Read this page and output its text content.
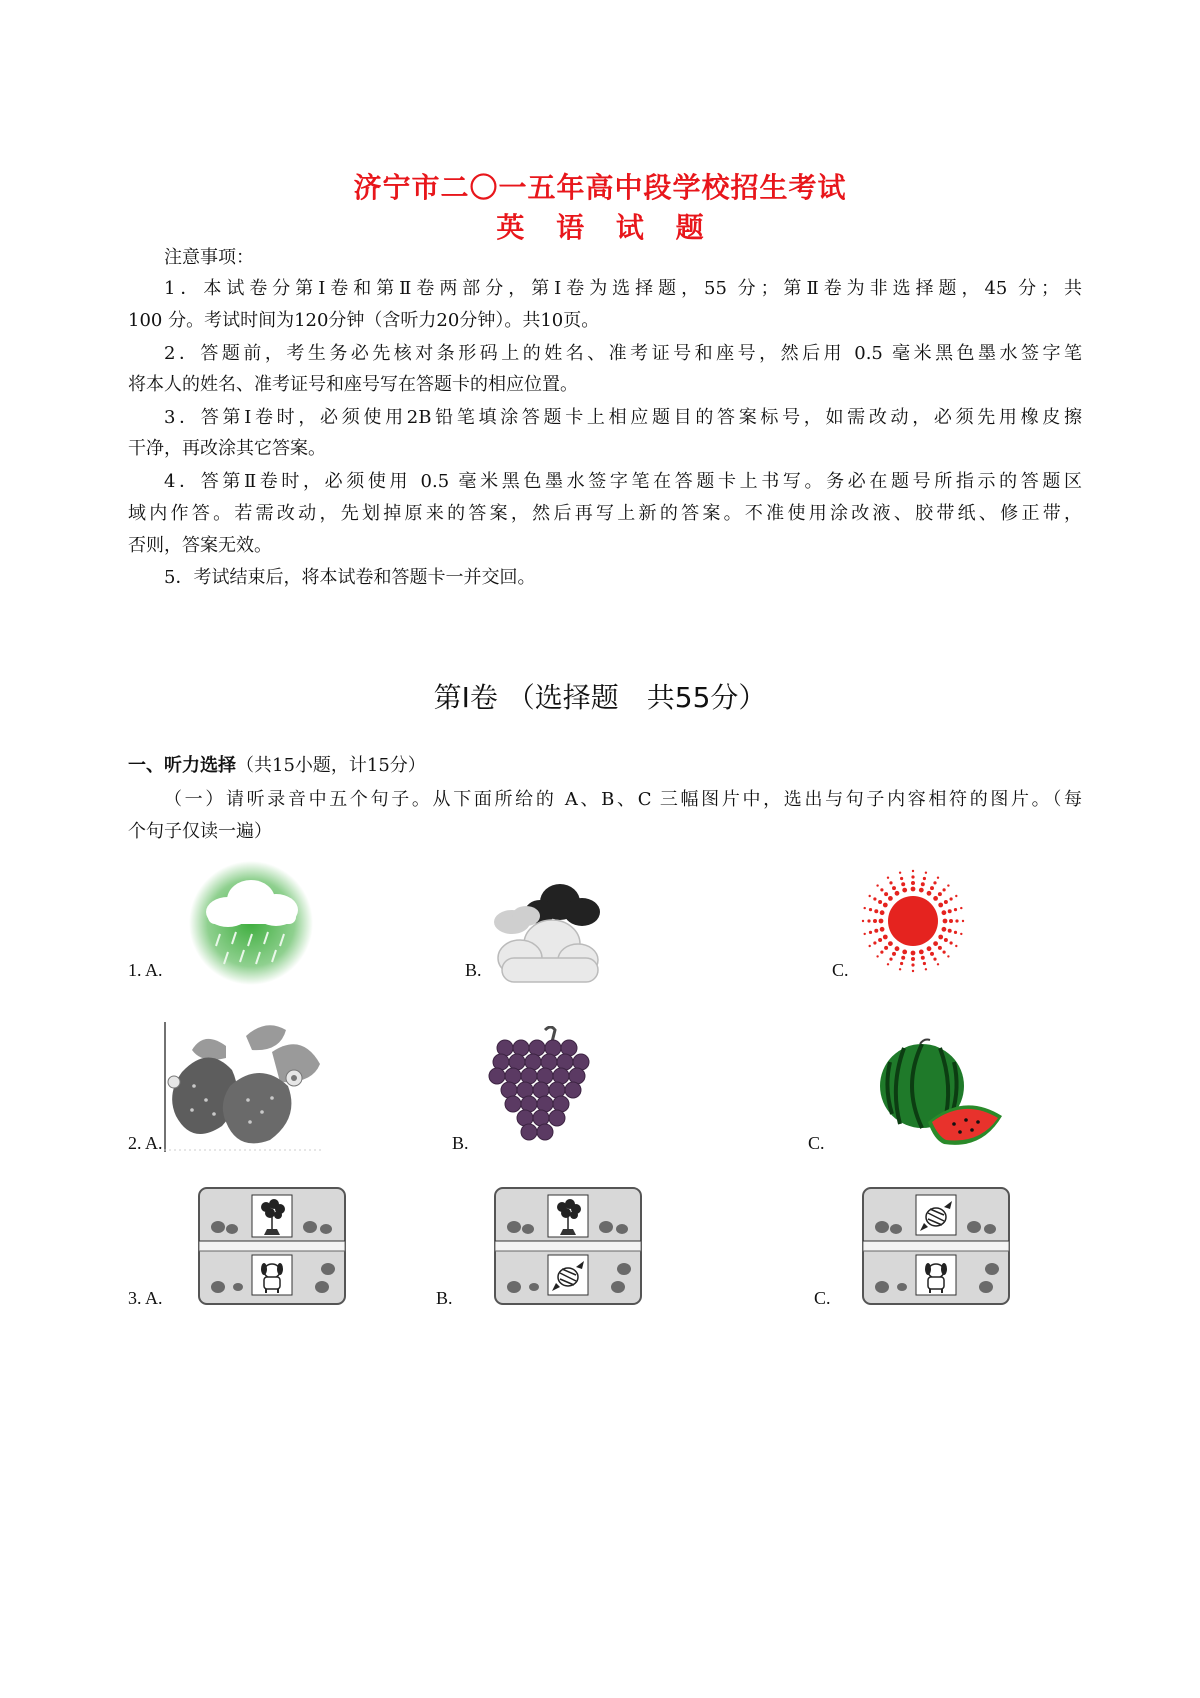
济宁市二〇一五年高中段学校招生考试
英 语 试 题
注意事项：
1．本试卷分第Ⅰ卷和第Ⅱ卷两部分，第Ⅰ卷为选择题，55 分；第Ⅱ卷为非选择题，45 分；共
100 分。考试时间为120分钟（含听力20分钟）。共10页。
2．答题前，考生务必先核对条形码上的姓名、准考证号和座号，然后用 0.5 毫米黑色墨水签字笔
将本人的姓名、准考证号和座号写在答题卡的相应位置。
3．答第Ⅰ卷时，必须使用2B铅笔填涂答题卡上相应题目的答案标号，如需改动，必须先用橡皮擦
干净，再改涂其它答案。
4．答第Ⅱ卷时，必须使用 0.5 毫米黑色墨水签字笔在答题卡上书写。务必在题号所指示的答题区
域内作答。若需改动，先划掉原来的答案，然后再写上新的答案。不准使用涂改液、胶带纸、修正带，
否则，答案无效。
5．考试结束后，将本试卷和答题卡一并交回。
第Ⅰ卷 （选择题　共55分）
一、听力选择（共15小题，计15分）
（一）请听录音中五个句子。从下面所给的 A、B、C 三幅图片中，选出与句子内容相符的图片。（每
个句子仅读一遍）
1. A.	B.	C.
2. A.	B.	C.
3. A.	B.	C.
